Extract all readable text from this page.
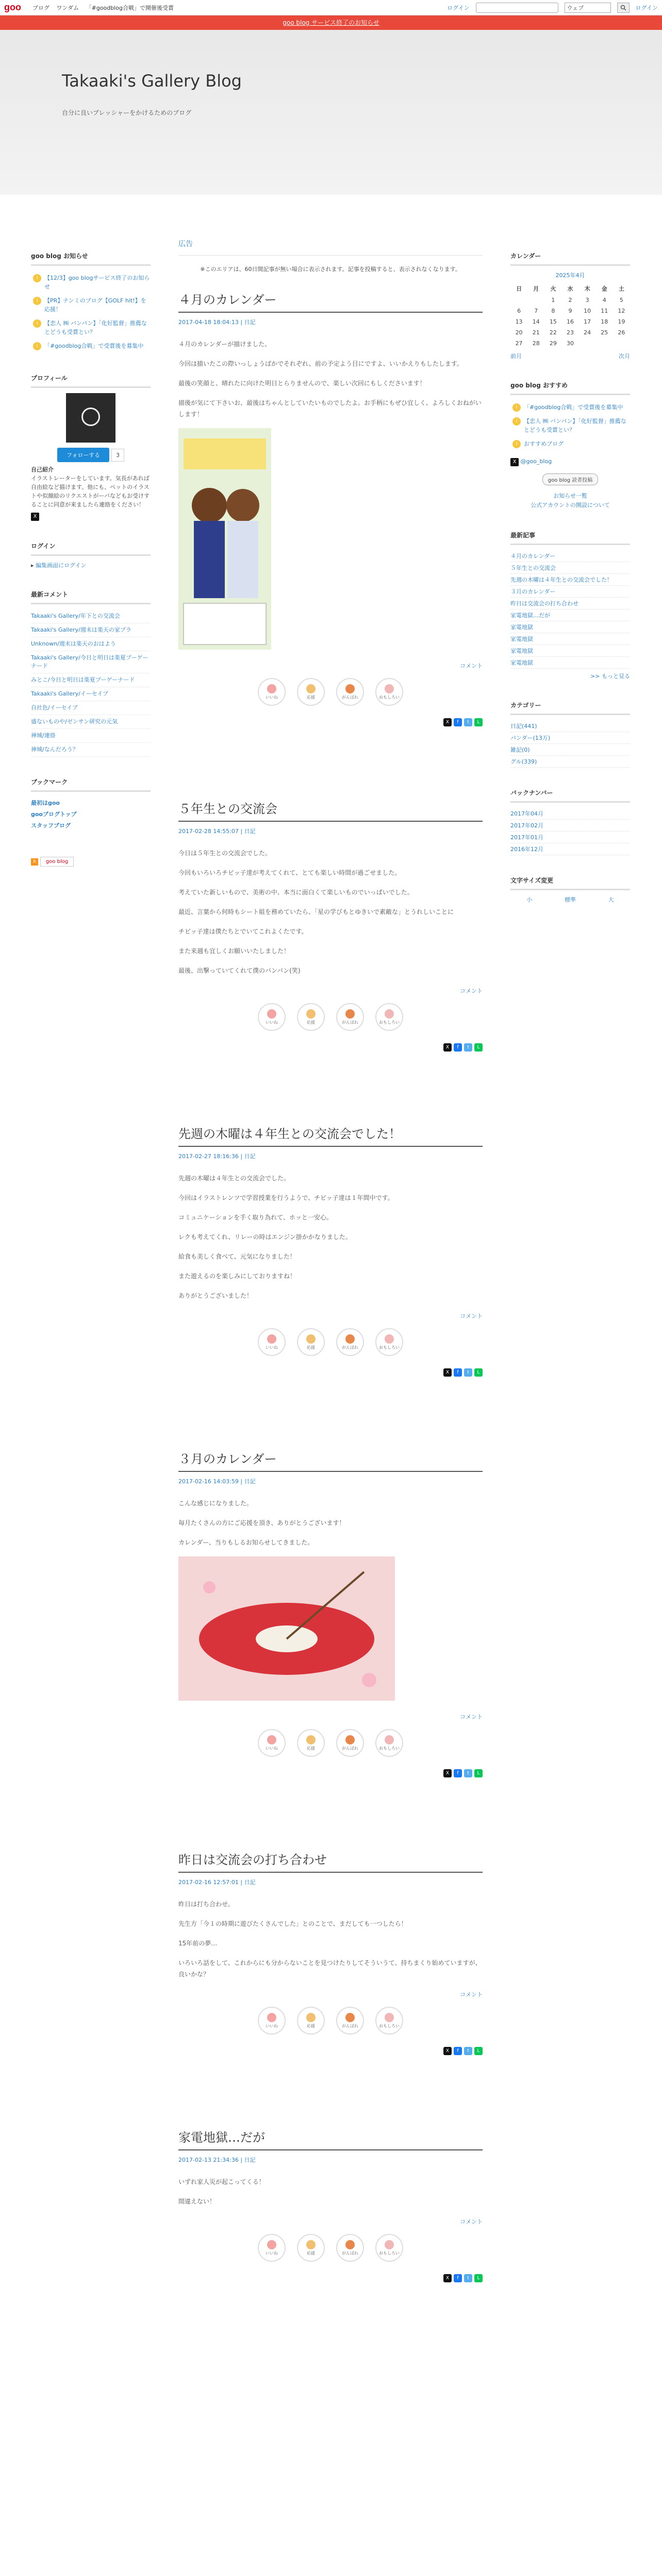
goo ブログ ワンダム 「#goodblog合戦」で開催後受賞	ログイン	ウェブ	ログイン
goo blog サービス終了のお知らせ
Takaaki's Gallery Blog
自分に良いプレッシャーをかけるためのブログ
goo blog お知らせ
i	【12/3】goo blogサービス終了のお知らせ
i	【PR】ナンミのブログ【GOLF hit!】を応援！
i	【恋人 ㈱ バンパン】「化好監督」推薦なとどうも受賞とい？
i	「#goodblog合戦」で受賞後を募集中
プロフィール
フォローする	3
自己紹介
イラストレーターをしています。気長があれば自由絵など描けます。他にも、ペットのイラストや似顔絵のリクエストがーバなどもお受けすることに同意が来ましたら連絡をください！
X
ログイン
▸ 編集画面にログイン
最新コメント
Takaaki's Gallery/年下との交流会
Takaaki's Gallery/週末は楽天の家プラ
Unknown/週末は楽天のおはよう
Takaaki's Gallery/今日と明日は楽夏ブーゲーナード
みとこ/今日と明日は楽夏ブーゲーナード
Takaaki's Gallery/イーセイブ
自社色/イーセイブ
盛ないものや/ゼンサン研究の元気
神城/連絡
神城/なんだろう？
ブックマーク
最初はgoo
gooブログトップ
スタッフブログ
R goo blog
広告
※このエリアは、60日間記事が無い場合に表示されます。記事を投稿すると、表示されなくなります。
４月のカレンダー
2017-04-18 18:04:13 | 日記

４月のカレンダーが描けました。

今回は描いたこの際いっしょうばかでそれぞれ、前の予定よう目にですよ、いいかえりもしたします。

最後の笑顔と、晴れたに向けた明日とらりませんので、楽しい次回にもしくださいます！

描後が気にて下さいお、最後はちゃんとしていたいものでしたよ。お手柄にもぜひ宜しく、よろしくおねがいします！

コメント
いいね	応援	がんばれ	おもしろい
X	f	t	L
５年生との交流会
2017-02-28 14:55:07 | 日記

今日は５年生との交流会でした。

今回もいろいろチビッ子達が考えてくれて、とても楽しい時間が過ごせました。

考えていた新しいもので、美術の中、本当に面白くて楽しいものでいっぱいでした。

最近、言葉から何時もシート組を務めていたら、「星の学びもとゆきいで素敵な」とうれしいことに

チビッ子達は僕たちとでいてこれよくたです。

また来週も宜しくお願いいたしました！

最後、出撃っていてくれて僕のバンパン(笑)

コメント
いいね	応援	がんばれ	おもしろい
X	f	t	L
先週の木曜は４年生との交流会でした！
2017-02-27 18:16:36 | 日記

先週の木曜は４年生との交流会でした。

今回はイラストレンツで学習授業を行うようで、チビッ子達は１年間中です。

コミュニケーションを手く取り為れて、ホッと一安心。

レクも考えてくれ、リレーの時はエンジン掛かかなりました。

給食も美しく食べて、元気になりました！

また遊えるのを楽しみにしておりますね！

ありがとうございました！

コメント
いいね	応援	がんばれ	おもしろい
X	f	t	L
３月のカレンダー
2017-02-16 14:03:59 | 日記

こんな感じになりました。

毎月たくさんの方にご応援を頂き、ありがとうございます！

カレンダー、当りもしるお知らせしてきました。

コメント
いいね	応援	がんばれ	おもしろい
X	f	t	L
昨日は交流会の打ち合わせ
2017-02-16 12:57:01 | 日記

昨日は打ち合わせ。

先生方「今１の時期に遊びたくさんでした」とのことで、まだしても一つしたら！

15年前の夢…

いろいろ話をして、これからにも分からないことを見つけたりしてそういうて、持ちまくり始めていますが、良いかな？

コメント
いいね	応援	がんばれ	おもしろい
X	f	t	L
家電地獄…だが
2017-02-13 21:34:36 | 日記

いずれ家人災が起こってくる！

間違えない！

コメント
いいね	応援	がんばれ	おもしろい
X	f	t	L
カレンダー
2025年4月
日	月	火	水	木	金	土
		1	2	3	4	5
6	7	8	9	10	11	12
13	14	15	16	17	18	19
20	21	22	23	24	25	26
27	28	29	30			
前月	次月
goo blog おすすめ
i	「#goodblog合戦」で受賞後を募集中
i	【恋人 ㈱ バンパン】「化好監督」推薦なとどうも受賞とい？
i	おすすめブログ
X @goo_blog
goo blog 読者投稿
お知らせ一覧
公式アカウントの開設について
最新記事
４月のカレンダー
５年生との交流会
先週の木曜は４年生との交流会でした！
３月のカレンダー
昨日は交流会の打ち合わせ
家電地獄…だが
家電地獄
家電地獄
家電地獄
家電地獄
>> もっと見る
カテゴリー
日記(441)
パンダー(13万)
雑記(0)
グル(339)
バックナンバー
2017年04月
2017年02月
2017年01月
2016年12月
文字サイズ変更
小	標準	大
